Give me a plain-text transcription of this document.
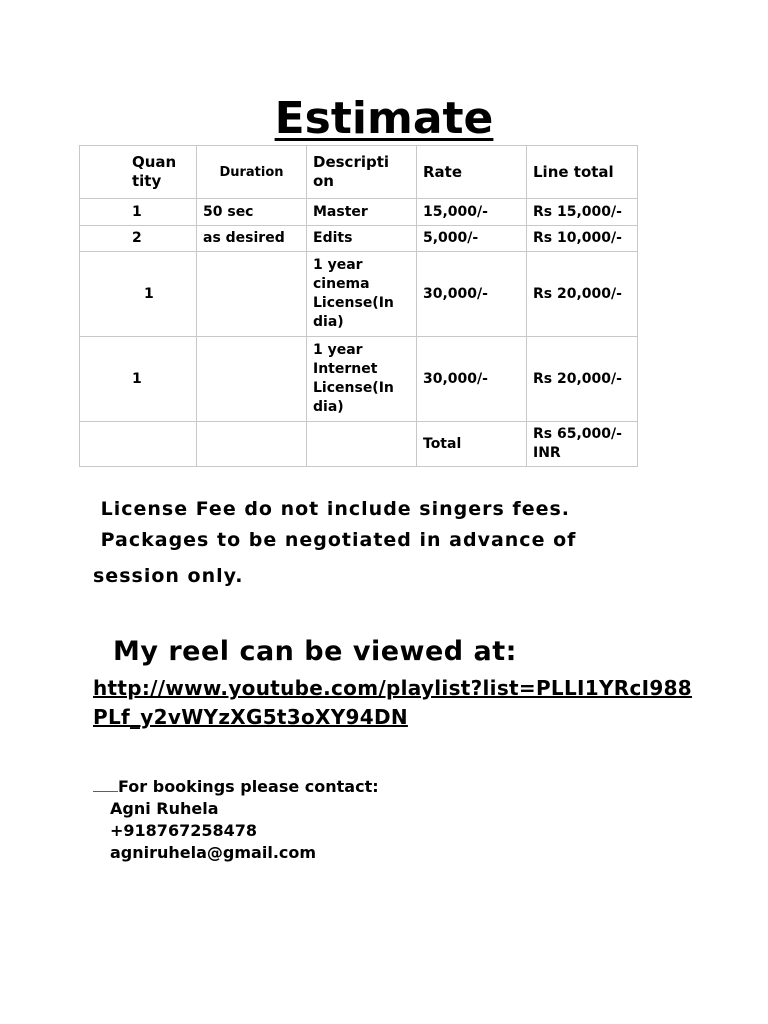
Estimate
Quan tity	Duration	Descripti on	Rate	Line total
1	50 sec	Master	15,000/-	Rs 15,000/-
2	as desired	Edits	5,000/-	Rs 10,000/-
1		1 year cinema License(In dia)	30,000/-	Rs 20,000/-
1		1 year Internet License(In dia)	30,000/-	Rs 20,000/-
			Total	Rs 65,000/- INR
License Fee do not include singers fees.
Packages to be negotiated in advance of
session only.
My reel can be viewed at:
http://www.youtube.com/playlist?list=PLLI1YRcI988PLf_y2vWYzXG5t3oXY94DN
For bookings please contact:
Agni Ruhela
+918767258478
agniruhela@gmail.com
